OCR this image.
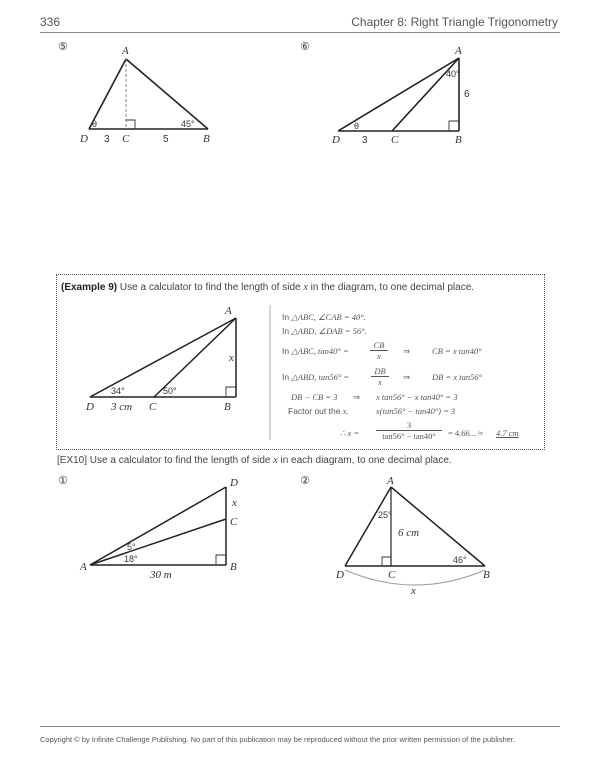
336	Chapter 8: Right Triangle Trigonometry
⑤	A
D	C	B
θ	45°
3	5
⑥	A
D	C	B
40°
6
θ
3
(Example 9) Use a calculator to find the length of side x in the diagram, to one decimal place.
A
D	C	B
x
34°	50°
3 cm
In △ABC, ∠CAB = 40°.
In △ABD, ∠DAB = 56°.
In △ABC, tan40° =
CB
x	⇒	CB = x tan40°
In △ABD, tan56° =
DB
x	⇒	DB = x tan56°
DB − CB = 3 ⇒ x tan56° − x tan40° = 3
Factor out the x.	x(tan56° − tan40°) = 3
∴ x =
3
tan56° − tan40°	= 4.66... ≈ 4.7 cm
[EX10] Use a calculator to find the length of side x in each diagram, to one decimal place.
①	D
x
C
A	B
5°
18°
30 m
②	A
D	C	B
25°
46°
6 cm
x
Copyright © by Infinite Challenge Publishing. No part of this publication may be reproduced without the prior written permission of the publisher.
